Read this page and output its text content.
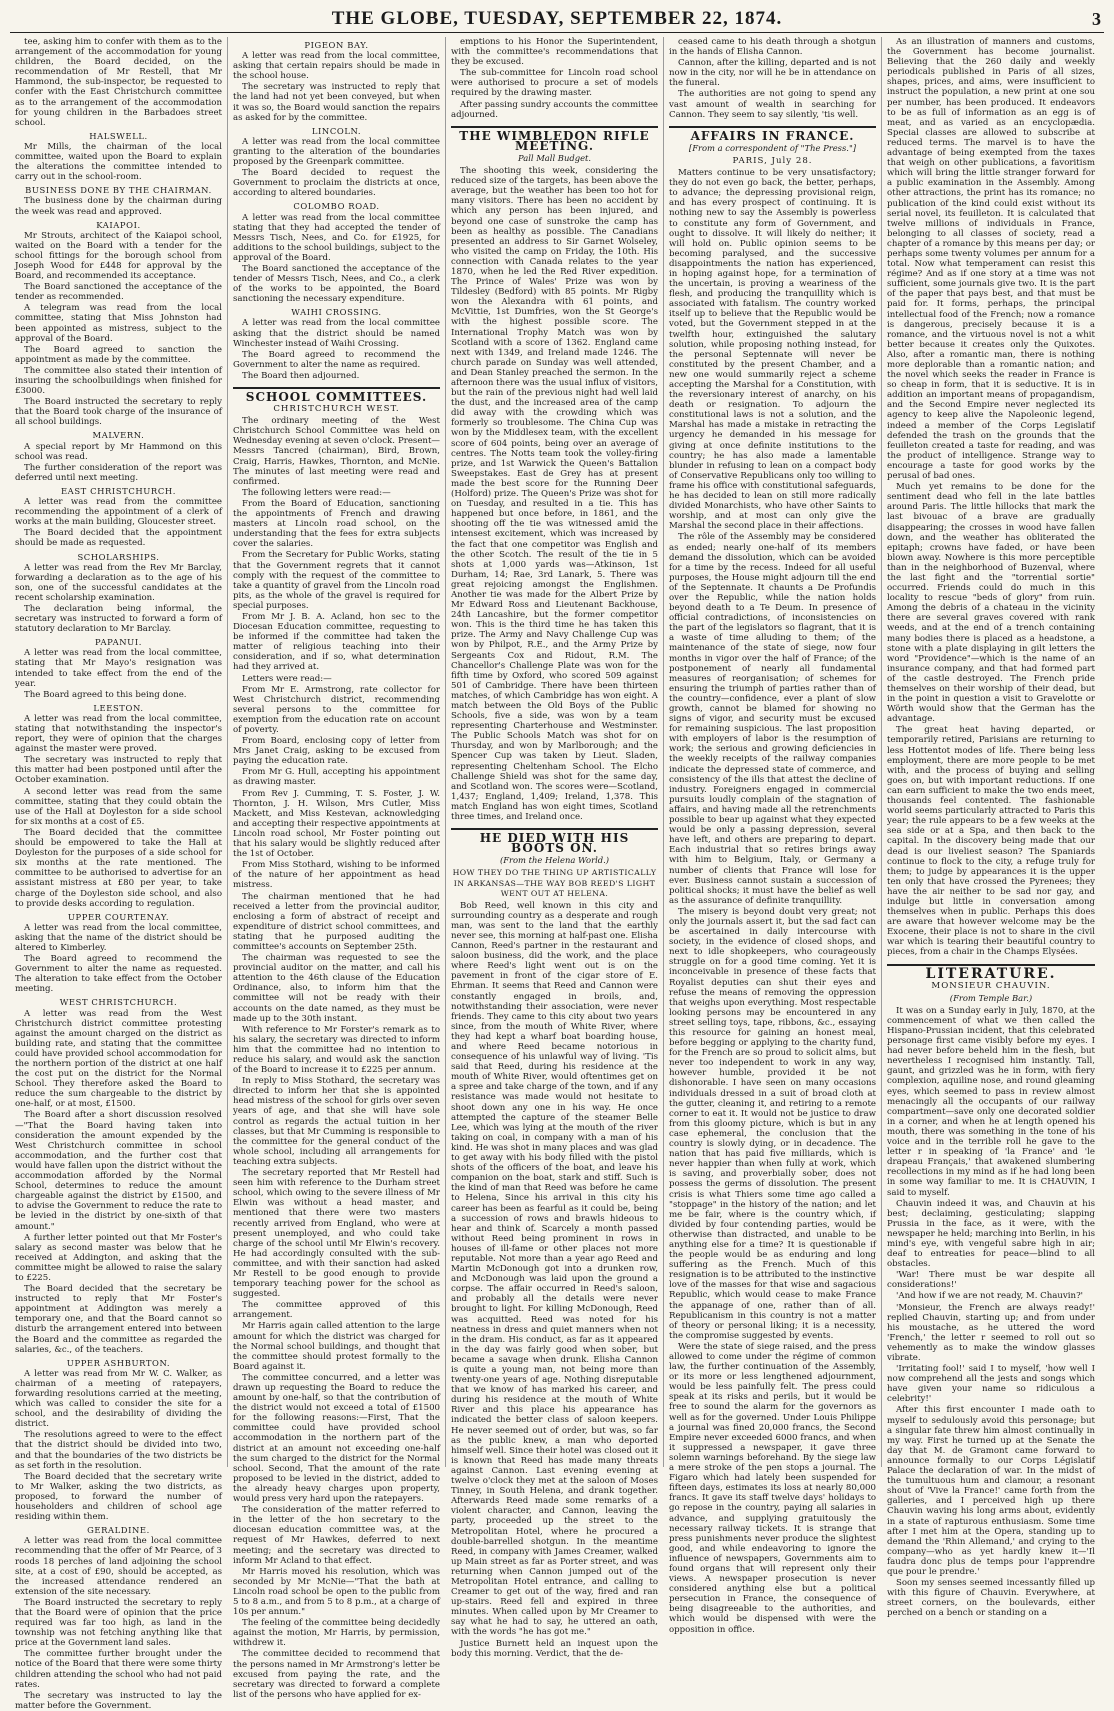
THE GLOBE, TUESDAY, SEPTEMBER 22, 1874.	3

tee, asking him to confer with them as to the arrangement of the accommodation for young children, the Board decided, on the recommendation of Mr Restell, that Mr Hammond, the sub-inspector, be requested to confer with the East Christchurch committee as to the arrangement of the accommodation for young children in the Barbadoes street school.

HALSWELL.

Mr Mills, the chairman of the local committee, waited upon the Board to explain the alterations the committee intended to carry out in the school-room.

BUSINESS DONE BY THE CHAIRMAN.

The business done by the chairman during the week was read and approved.

KAIAPOI.

Mr Strouts, architect of the Kaiapoi school, waited on the Board with a tender for the school fittings for the borough school from Joseph Wood for £448 for approval by the Board, and recommended its acceptance.

The Board sanctioned the acceptance of the tender as recommended.

A telegram was read from the local committee, stating that Miss Johnston had been appointed as mistress, subject to the approval of the Board.

The Board agreed to sanction the appointment as made by the committee.

The committee also stated their intention of insuring the schoolbuildings when finished for £3000.

The Board instructed the secretary to reply that the Board took charge of the insurance of all school buildings.

MALVERN.

A special report by Mr Hammond on this school was read.

The further consideration of the report was deferred until next meeting.

EAST CHRISTCHURCH.

A letter was read from the committee recommending the appointment of a clerk of works at the main building, Gloucester street.

The Board decided that the appointment should be made as requested.

SCHOLARSHIPS.

A letter was read from the Rev Mr Barclay, forwarding a declaration as to the age of his son, one of the successful candidates at the recent scholarship examination.

The declaration being informal, the secretary was instructed to forward a form of statutory declaration to Mr Barclay.

PAPANUI.

A letter was read from the local committee, stating that Mr Mayo's resignation was intended to take effect from the end of the year.

The Board agreed to this being done.

LEESTON.

A letter was read from the local committee, stating that notwithstanding the inspector's report, they were of opinion that the charges against the master were proved.

The secretary was instructed to reply that this matter had been postponed until after the October examination.

A second letter was read from the same committee, stating that they could obtain the use of the Hall at Doyleston for a side school for six months at a cost of £5.

The Board decided that the committee should be empowered to take the Hall at Doyleston for the purposes of a side school for six months at the rate mentioned. The committee to be authorised to advertise for an assistant mistress at £80 per year, to take charge of the Doyleston side school, and also to provide desks according to regulation.

UPPER COURTENAY.

A letter was read from the local committee, asking that the name of the district should be altered to Kimberley.

The Board agreed to recommend the Government to alter the name as requested. The alteration to take effect from the October meeting.

WEST CHRISTCHURCH.

A letter was read from the West Christchurch district committee protesting against the amount charged on the district as building rate, and stating that the committee could have provided school accommodation for the northern portion of the district at one half the cost put on the district for the Normal School. They therefore asked the Board to reduce the sum chargeable to the district by one-half, or at most, £1500.

The Board after a short discussion resolved—"That the Board having taken into consideration the amount expended by the West Christchurch committee in school accommodation, and the further cost that would have fallen upon the district without the accommodation afforded by the Normal School, determines to reduce the amount chargeable against the district by £1500, and to advise the Government to reduce the rate to be levied in the district by one-sixth of that amount."

A further letter pointed out that Mr Foster's salary as second master was below that he received at Addington, and asking that the committee might be allowed to raise the salary to £225.

The Board decided that the secretary be instructed to reply that Mr Foster's appointment at Addington was merely a temporary one, and that the Board cannot so disturb the arrangement entered into between the Board and the committee as regarded the salaries, &c., of the teachers.

UPPER ASHBURTON.

A letter was read from Mr W. C. Walker, as chairman of a meeting of ratepayers, forwarding resolutions carried at the meeting, which was called to consider the site for a school, and the desirability of dividing the district.

The resolutions agreed to were to the effect that the district should be divided into two, and that the boundaries of the two districts be as set forth in the resolution.

The Board decided that the secretary write to Mr Walker, asking the two districts, as proposed, to forward the number of householders and children of school age residing within them.

GERALDINE.

A letter was read from the local committee recommending that the offer of Mr Pearce, of 3 roods 18 perches of land adjoining the school site, at a cost of £90, should be accepted, as the increased attendance rendered an extension of the site necessary.

The Board instructed the secretary to reply that the Board were of opinion that the price required was far too high, as land in the township was not fetching anything like that price at the Government land sales.

The committee further brought under the notice of the Board that there were some thirty children attending the school who had not paid rates.

The secretary was instructed to lay the matter before the Government.

PIGEON BAY.

A letter was read from the local committee, asking that certain repairs should be made in the school house.

The secretary was instructed to reply that the land had not yet been conveyed, but when it was so, the Board would sanction the repairs as asked for by the committee.

LINCOLN.

A letter was read from the local committee granting to the alteration of the boundaries proposed by the Greenpark committee.

The Board decided to request the Government to proclaim the districts at once, according to altered boundaries.

COLOMBO ROAD.

A letter was read from the local committee stating that they had accepted the tender of Messrs Tisch, Nees, and Co. for £1925, for additions to the school buildings, subject to the approval of the Board.

The Board sanctioned the acceptance of the tender of Messrs Tisch, Nees, and Co., a clerk of the works to be appointed, the Board sanctioning the necessary expenditure.

WAIHI CROSSING.

A letter was read from the local committee asking that the district should be named Winchester instead of Waihi Crossing.

The Board agreed to recommend the Government to alter the name as required.

The Board then adjourned.

SCHOOL COMMITTEES.
CHRISTCHURCH WEST.

The ordinary meeting of the West Christchurch School Committee was held on Wednesday evening at seven o'clock. Present—Messrs Tancred (chairman), Bird, Brown, Craig, Harris, Hawkes, Thornton, and McNie. The minutes of last meeting were read and confirmed.

The following letters were read:—

From the Board of Education, sanctioning the appointments of French and drawing masters at Lincoln road school, on the understanding that the fees for extra subjects cover the salaries.

From the Secretary for Public Works, stating that the Government regrets that it cannot comply with the request of the committee to take a quantity of gravel from the Lincoln road pits, as the whole of the gravel is required for special purposes.

From Mr J. B. A. Acland, hon sec to the Diocesan Education committee, requesting to be informed if the committee had taken the matter of religious teaching into their consideration, and if so, what determination had they arrived at.

Letters were read:—

From Mr E. Armstrong, rate collector for West Christchurch district, recommending several persons to the committee for exemption from the education rate on account of poverty.

From Board, enclosing copy of letter from Mrs Janet Craig, asking to be excused from paying the education rate.

From Mr G. Hull, accepting his appointment as drawing master.

From Rev J. Cumming, T. S. Foster, J. W. Thornton, J. H. Wilson, Mrs Cutler, Miss Mackett, and Miss Kestevan, acknowledging and accepting their respective appointments at Lincoln road school, Mr Foster pointing out that his salary would be slightly reduced after the 1st of October.

From Miss Stothard, wishing to be informed of the nature of her appointment as head mistress.

The chairman mentioned that he had received a letter from the provincial auditor, enclosing a form of abstract of receipt and expenditure of district school committees, and stating that he purposed auditing the committee's accounts on September 25th.

The chairman was requested to see the provincial auditor on the matter, and call his attention to the 46th clause of the Education Ordinance, also, to inform him that the committee will not be ready with their accounts on the date named, as they must be made up to the 30th instant.

With reference to Mr Forster's remark as to his salary, the secretary was directed to inform him that the committee had no intention to reduce his salary, and would ask the sanction of the Board to increase it to £225 per annum.

In reply to Miss Stothard, the secretary was directed to inform her that she is appointed head mistress of the school for girls over seven years of age, and that she will have sole control as regards the actual tuition in her classes, but that Mr Cumming is responsible to the committee for the general conduct of the whole school, including all arrangements for teaching extra subjects.

The secretary reported that Mr Restell had seen him with reference to the Durham street school, which owing to the severe illness of Mr Elwin was without a head master, and mentioned that there were two masters recently arrived from England, who were at present unemployed, and who could take charge of the school until Mr Elwin's recovery. He had accordingly consulted with the sub-committee, and with their sanction had asked Mr Restell to be good enough to provide temporary teaching power for the school as suggested.

The committee approved of this arrangement.

Mr Harris again called attention to the large amount for which the district was charged for the Normal school buildings, and thought that the committee should protest formally to the Board against it.

The committee concurred, and a letter was drawn up requesting the Board to reduce the amount by one-half, so that the contribution of the district would not exceed a total of £1500 for the following reasons:—First, That the committee could have provided school accommodation in the northern part of the district at an amount not exceeding one-half the sum charged to the district for the Normal school. Second, That the amount of the rate proposed to be levied in the district, added to the already heavy charges upon property, would press very hard upon the ratepayers.

The consideration of the matter referred to in the letter of the hon secretary to the diocesan education committee was, at the request of Mr Hawkes, deferred to next meeting; and the secretary was directed to inform Mr Acland to that effect.

Mr Harris moved his resolution, which was seconded by Mr McNie—"That the bath at Lincoln road school be open to the public from 5 to 8 a.m., and from 5 to 8 p.m., at a charge of 10s per annum."

The feeling of the committee being decidedly against the motion, Mr Harris, by permission, withdrew it.

The committee decided to recommend that the persons named in Mr Armstrong's letter be excused from paying the rate, and the secretary was directed to forward a complete list of the persons who have applied for ex-

emptions to his Honor the Superintendent, with the committee's recommendations that they be excused.

The sub-committee for Lincoln road school were authorised to procure a set of models required by the drawing master.

After passing sundry accounts the committee adjourned.

THE WIMBLEDON RIFLE MEETING.
Pall Mall Budget.

The shooting this week, considering the reduced size of the targets, has been above the average, but the weather has been too hot for many visitors. There has been no accident by which any person has been injured, and beyond one case of sunstroke the camp has been as healthy as possible. The Canadians presented an address to Sir Garnet Wolseley, who visited the camp on Friday, the 10th. His connection with Canada relates to the year 1870, when he led the Red River expedition. The Prince of Wales' Prize was won by Tildesley (Bedford) with 85 points. Mr Rigby won the Alexandra with 61 points, and McVittie, 1st Dumfries, won the St George's with the highest possible score. The International Trophy Match was won by Scotland with a score of 1362. England came next with 1349, and Ireland made 1246. The church parade on Sunday was well attended, and Dean Stanley preached the sermon. In the afternoon there was the usual influx of visitors, but the rain of the previous night had well laid the dust, and the increased area of the camp did away with the crowding which was formerly so troublesome. The China Cup was won by the Middlesex team, with the excellent score of 604 points, being over an average of centres. The Notts team took the volley-firing prize, and 1st Warwick the Queen's Battalion Sweepstakes. East de Grey has at present made the best score for the Running Deer (Holford) prize. The Queen's Prize was shot for on Tuesday, and resulted in a tie. This has happened but once before, in 1861, and the shooting off the tie was witnessed amid the intensest excitement, which was increased by the fact that one competitor was English and the other Scotch. The result of the tie in 5 shots at 1,000 yards was—Atkinson, 1st Durham, 14; Rae, 3rd Lanark, 5. There was great rejoicing amongst the Englishmen. Another tie was made for the Albert Prize by Mr Edward Ross and Lieutenant Backhouse, 24th Lancashire, but the former competitor won. This is the third time he has taken this prize. The Army and Navy Challenge Cup was won by Philpot, R.E., and the Army Prize by Sergeants Cox and Ridout, R.M. The Chancellor's Challenge Plate was won for the fifth time by Oxford, who scored 509 against 501 of Cambridge. There have been thirteen matches, of which Cambridge has won eight. A match between the Old Boys of the Public Schools, five a side, was won by a team representing Charterhouse and Westminster. The Public Schools Match was shot for on Thursday, and won by Marlborough; and the Spencer Cup was taken by Lieut. Sladen, representing Cheltenham School. The Elcho Challenge Shield was shot for the same day, and Scotland won. The scores were—Scotland, 1,437; England, 1,409; Ireland, 1,378. This match England has won eight times, Scotland three times, and Ireland once.

HE DIED WITH HIS BOOTS ON.
(From the Helena World.)
HOW THEY DO THE THING UP ARTISTICALLY IN ARKANSAS—THE WAY BOB REED'S LIGHT WENT OUT AT HELENA.

Bob Reed, well known in this city and surrounding country as a desperate and rough man, was sent to the land that the earthly never see, this morning at half-past one. Elisha Cannon, Reed's partner in the restaurant and saloon business, did the work, and the place where Reed's light went out is on the pavement in front of the cigar store of E. Ehrman. It seems that Reed and Cannon were constantly engaged in broils, and, notwithstanding their association, were never friends. They came to this city about two years since, from the mouth of White River, where they had kept a wharf boat boarding house, and where Reed became notorious in consequence of his unlawful way of living. 'Tis said that Reed, during his residence at the mouth of White River, would oftentimes get on a spree and take charge of the town, and if any resistance was made would not hesitate to shoot down any one in his way. He once attempted the capture of the steamer Belle Lee, which was lying at the mouth of the river taking on coal, in company with a man of his kind. He was shot in many places and was glad to get away with his body filled with the pistol shots of the officers of the boat, and leave his companion on the boat, stark and stiff. Such is the kind of man that Reed was before he came to Helena, Since his arrival in this city his career has been as fearful as it could be, being a succession of rows and brawls hideous to hear and think of. Scarcely a month passed without Reed being prominent in rows in houses of ill-fame or other places not more reputable. Not more than a year ago Reed and Martin McDonough got into a drunken row, and McDonough was laid upon the ground a corpse. The affair occurred in Reed's saloon, and probably all the details were never brought to light. For killing McDonough, Reed was acquitted. Reed was noted for his neatness in dress and quiet manners when not in the dram. His conduct, as far as it appeared in the day was fairly good when sober, but became a savage when drunk. Elisha Cannon is quite a young man, not being more than twenty-one years of age. Nothing disreputable that we know of has marked his career, and during his residence at the mouth of White River and this place his appearance has indicated the better class of saloon keepers. He never seemed out of order, but was, so far as the public knew, a man who deported himself well. Since their hotel was closed out it is known that Reed has made many threats against Cannon. Last evening evening at twelve o'clock they met at the saloon of Moses Tinney, in South Helena, and drank together. Afterwards Reed made some remarks of a violent character, and Cannon, leaving the party, proceeded up the street to the Metropolitan Hotel, where he procured a double-barrelled shotgun. In the meantime Reed, in company with James Creamer, walked up Main street as far as Porter street, and was returning when Cannon jumped out of the Metropolitan Hotel entrance, and calling to Creamer to get out of the way, fired and ran up-stairs. Reed fell and expired in three minutes. When called upon by Mr Creamer to say what he had to say, he uttered an oath, with the words "he has got me."

Justice Burnett held an inquest upon the body this morning. Verdict, that the de-

ceased came to his death through a shotgun in the hands of Elisha Cannon.

Cannon, after the killing, departed and is not now in the city, nor will he be in attendance on the funeral.

The authorities are not going to spend any vast amount of wealth in searching for Cannon. They seem to say silently, 'tis well.

AFFAIRS IN FRANCE.
[From a correspondent of "The Press."]
PARIS, July 28.

Matters continue to be very unsatisfactory; they do not even go back, the better, perhaps, to advance; the depressing provisional reign, and has every prospect of continuing. It is nothing new to say the Assembly is powerless to constitute any form of Government, and ought to dissolve. It will likely do neither; it will hold on. Public opinion seems to be becoming paralysed, and the successive disappointments the nation has experienced, in hoping against hope, for a termination of the uncertain, is proving a weariness of the flesh, and producing the tranquillity which is associated with fatalism. The country worked itself up to believe that the Republic would be voted, but the Government stepped in at the twelfth hour, extinguished the salutary solution, while proposing nothing instead, for the personal Septennate will never be constituted by the present Chamber, and a new one would summarily reject a scheme accepting the Marshal for a Constitution, with the reversionary interest of anarchy, on his death or resignation. To adjourn the constitutional laws is not a solution, and the Marshal has made a mistake in retracting the urgency he demanded in his message for giving at once definite institutions to the country; he has also made a lamentable blunder in refusing to lean on a compact body of Conservative Republicans only too willing to frame his office with constitutional safeguards, he has decided to lean on still more radically divided Monarchists, who have other Saints to worship, and at most can only give the Marshal the second place in their affections.

The rôle of the Assembly may be considered as ended; nearly one-half of its members demand the dissolution, which can be avoided for a time by the recess. Indeed for all useful purposes, the House might adjourn till the end of the Septennate. It chaunts a De Profundis over the Republic, while the nation holds beyond death to a Te Deum. In presence of official contradictions, of inconsistencies on the part of the legislators so flagrant, that it is a waste of time alluding to them; of the maintenance of the state of siege, now four months in vigor over the half of France; of the postponement of nearly all fundamental measures of reorganisation; of schemes for ensuring the triumph of parties rather than of the country—confidence, ever a plant of slow growth, cannot be blamed for showing no signs of vigor, and security must be excused for remaining suspicious. The last proposition with employers of labor is the resumption of work; the serious and growing deficiencies in the weekly receipts of the railway companies indicate the depressed state of commerce, and consistency of the ills that attest the decline of industry. Foreigners engaged in commercial pursuits loudly complain of the stagnation of affairs, and having made all the retrenchments possible to bear up against what they expected would be only a passing depression, several have left, and others are preparing to depart. Each industrial that so retires brings away with him to Belgium, Italy, or Germany a number of clients that France will lose for ever. Business cannot sustain a succession of political shocks; it must have the belief as well as the assurance of definite tranquillity.

The misery is beyond doubt very great; not only the journals assert it, but the sad fact can be ascertained in daily intercourse with society, in the evidence of closed shops, and next to idle shopkeepers, who courageously struggle on for a good time coming. Yet it is inconceivable in presence of these facts that Royalist deputies can shut their eyes and refuse the means of removing the oppression that weighs upon everything. Most respectable looking persons may be encountered in any street selling toys, tape, ribbons, &c., essaying this resource for gaining an honest meal, before begging or applying to the charity fund, for the French are so proud to solicit alms, but never too independent to work in any way, however humble, provided it be not dishonorable. I have seen on many occasions individuals dressed in a suit of broad cloth at the gutter, cleaning it, and retiring to a remote corner to eat it. It would not be justice to draw from this gloomy picture, which is but in any case ephemeral, the conclusion that the country is slowly dying, or in decadence. The nation that has paid five milliards, which is never happier than when fully at work, which is saving, and proverbially sober, does not possess the germs of dissolution. The present crisis is what Thiers some time ago called a "stoppage" in the history of the nation; and let me be fair, where is the country which, if divided by four contending parties, would be otherwise than distracted, and unable to be anything else for a time? It is questionable if the people would be as enduring and long suffering as the French. Much of this resignation is to be attributed to the instinctive love of the masses for that wise and sagacious Republic, which would cease to make France the appanage of one, rather than of all. Republicanism in this country is not a matter of theory or personal liking; it is a necessity, the compromise suggested by events.

Were the state of siege raised, and the press allowed to come under the régime of common law, the further continuation of the Assembly, or its more or less lengthened adjournment, would be less painfully felt. The press could speak at its risks and perils, but it would be free to sound the alarm for the governors as well as for the governed. Under Louis Philippe a journal was fined 20,000 francs, the Second Empire never exceeded 6000 francs, and when it suppressed a newspaper, it gave three solemn warnings beforehand. By the siege law a mere stroke of the pen stops a journal. The Figaro which had lately been suspended for fifteen days, estimates its loss at nearly 80,000 francs. It gave its staff twelve days' holidays to go repose in the country, paying all salaries in advance, and supplying gratuitously the necessary railway tickets. It is strange that press punishments never produce the slightest good, and while endeavoring to ignore the influence of newspapers, Governments aim to found organs that will represent only their views. A newspaper prosecution is never considered anything else but a political persecution in France, the consequence of being disagreeable to the authorities, and which would be dispensed with were the opposition in office.

As an illustration of manners and customs, the Government has become journalist. Believing that the 260 daily and weekly periodicals published in Paris of all sizes, shapes, prices, and aims, were insufficient to instruct the population, a new print at one sou per number, has been produced. It endeavors to be as full of information as an egg is of meat, and as varied as an encyclopædia. Special classes are allowed to subscribe at reduced terms. The marvel is to have the advantage of being exempted from the taxes that weigh on other publications, a favoritism which will bring the little stranger forward for a public examination in the Assembly. Among other attractions, the print has its romance; no publication of the kind could exist without its serial novel, its feuilleton. It is calculated that twelve millions of individuals in France, belonging to all classes of society, read a chapter of a romance by this means per day; or perhaps some twenty volumes per annum for a total. Now what temperament can resist this régime? And as if one story at a time was not sufficient, some journals give two. It is the part of the paper that pays best, and that must be paid for. It forms, perhaps, the principal intellectual food of the French; now a romance is dangerous, precisely because it is a romance, and the virtuous novel is not a whit better because it creates only the Quixotes. Also, after a romantic man, there is nothing more deplorable than a romantic nation; and the novel which seeks the reader in France is so cheap in form, that it is seductive. It is in addition an important means of propagandism, and the Second Empire never neglected its agency to keep alive the Napoleonic legend, indeed a member of the Corps Legislatif defended the trash on the grounds that the feuilleton created a taste for reading, and was the product of intelligence. Strange way to encourage a taste for good works by the perusal of bad ones.

Much yet remains to be done for the sentiment dead who fell in the late battles around Paris. The little hillocks that mark the last bivouac of a brave are gradually disappearing; the crosses in wood have fallen down, and the weather has obliterated the epitaph; crowns have faded, or have been blown away. Nowhere is this more perceptible than in the neighborhood of Buzenval, where the last fight and the "torrential sortie" occurred. Friends could do much in this locality to rescue "beds of glory" from ruin. Among the debris of a chateau in the vicinity there are several graves covered with rank weeds, and at the end of a trench containing many bodies there is placed as a headstone, a stone with a plate displaying in gilt letters the word "Providence"—which is the name of an insurance company, and that had formed part of the castle destroyed. The French pride themselves on their worship of their dead, but in the point in question a visit to Gravelotte or Wörth would show that the German has the advantage.

The great heat having departed, or temporarily retired, Parisians are returning to less Hottentot modes of life. There being less employment, there are more people to be met with, and the process of buying and selling goes on, but with important reductions. If one can earn sufficient to make the two ends meet, thousands feel contented. The fashionable world seems particularly attracted to Paris this year; the rule appears to be a few weeks at the sea side or at a Spa, and then back to the capital. In the discovery being made that our dead is our liveliest season? The Spaniards continue to flock to the city, a refuge truly for them; to judge by appearances it is the upper ten only that have crossed the Pyrenees; they have the air neither to be sad nor gay, and indulge but little in conversation among themselves when in public. Perhaps this does are aware that however welcome may be the Exocene, their place is not to share in the civil war which is tearing their beautiful country to pieces, from a chair in the Champs Elysées.

LITERATURE.
MONSIEUR CHAUVIN.
(From Temple Bar.)

It was on a Sunday early in July, 1870, at the commencement of what we then called the Hispano-Prussian incident, that this celebrated personage first came visibly before my eyes. I had never before beheld him in the flesh, but nevertheless I recognised him instantly. Tall, gaunt, and grizzled was he in form, with fiery complexion, aquiline nose, and round gleaming eyes, which seemed to pass in review almost menacingly all the occupants of our railway compartment—save only one decorated soldier in a corner, and when he at length opened his mouth, there was something in the tone of his voice and in the terrible roll he gave to the letter r in speaking of 'la France' and 'le drapeau Français,' that awakened slumbering recollections in my mind as if he had long been in some way familiar to me. It is CHAUVIN, I said to myself.

Chauvin indeed it was, and Chauvin at his best; declaiming, gesticulating; slapping Prussia in the face, as it were, with the newspaper he held; marching into Berlin, in his mind's eye, with vengeful sabre high in air; deaf to entreaties for peace—blind to all obstacles.

'War! There must be war despite all considerations!'

'And how if we are not ready, M. Chauvin?'

'Monsieur, the French are always ready!' replied Chauvin, starting up; and from under his moustache, as he uttered the word 'French,' the letter r seemed to roll out so vehemently as to make the window glasses vibrate.

'Irritating fool!' said I to myself, 'how well I now comprehend all the jests and songs which have given your name so ridiculous a celebrity!'

After this first encounter I made oath to myself to sedulously avoid this personage; but a singular fate threw him almost continually in my way. First he turned up at the Senate the day that M. de Gramont came forward to announce formally to our Corps Législatif Palace the declaration of war. In the midst of the tumultuous hum and clamour, a resonant shout of 'Vive la France!' came forth from the galleries, and I perceived high up there Chauvin waving his long arms about, evidently in a state of rapturous enthusiasm. Some time after I met him at the Opera, standing up to demand the 'Rhin Allemand,' and crying to the company—who as yet hardly knew it—'Il faudra donc plus de temps pour l'apprendre que pour le prendre.'

Soon my senses seemed incessantly filled up with this figure of Chauvin. Everywhere, at street corners, on the boulevards, either perched on a bench or standing on a
